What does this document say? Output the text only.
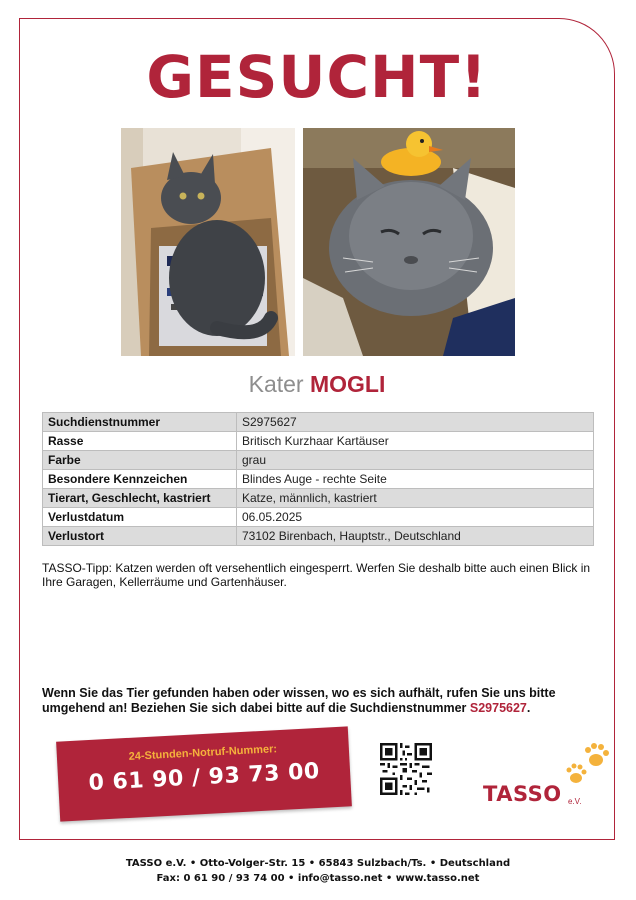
GESUCHT!
Kater MOGLI
Suchdienstnummer	S2975627
Rasse	Britisch Kurzhaar Kartäuser
Farbe	grau
Besondere Kennzeichen	Blindes Auge - rechte Seite
Tierart, Geschlecht, kastriert	Katze, männlich, kastriert
Verlustdatum	06.05.2025
Verlustort	73102 Birenbach, Hauptstr., Deutschland
TASSO-Tipp: Katzen werden oft versehentlich eingesperrt. Werfen Sie deshalb bitte auch einen Blick in Ihre Garagen, Kellerräume und Gartenhäuser.
Wenn Sie das Tier gefunden haben oder wissen, wo es sich aufhält, rufen Sie uns bitte umgehend an! Beziehen Sie sich dabei bitte auf die Suchdienstnummer S2975627.
24-Stunden-Notruf-Nummer:
0 61 90 / 93 73 00	TASSO e.V.
TASSO e.V. • Otto-Volger-Str. 15 • 65843 Sulzbach/Ts. • Deutschland
Fax: 0 61 90 / 93 74 00 • info@tasso.net • www.tasso.net
